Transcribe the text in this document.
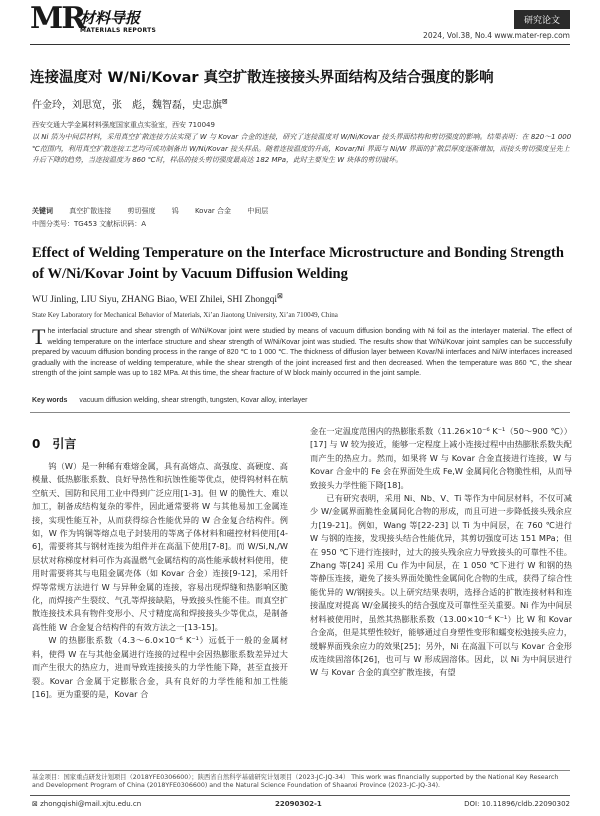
MR
材料导报
MATERIALS REPORTS
研究论文
2024, Vol.38, No.4 www.mater-rep.com
连接温度对 W/Ni/Kovar 真空扩散连接接头界面结构及结合强度的影响
仵金玲，刘思宽，张　彪，魏智磊，史忠旗⊠
西安交通大学金属材料强度国家重点实验室，西安 710049
以 Ni 箔为中间层材料，采用真空扩散连接方法实现了 W 与 Kovar 合金的连接，研究了连接温度对 W/Ni/Kovar 接头界面结构和剪切强度的影响。结果表明：在 820～1 000 ℃范围内，利用真空扩散连接工艺均可成功制备出 W/Ni/Kovar 接头样品。随着连接温度的升高，Kovar/Ni 界面与 Ni/W 界面的扩散层厚度逐渐增加，而接头剪切强度呈先上升后下降的趋势，当连接温度为 860 ℃时，样品的接头剪切强度最高达 182 MPa，此时主要发生 W 块体的剪切破坏。
关键词 真空扩散连接 剪切强度 钨 Kovar 合金 中间层
中图分类号：TG453 文献标识码：A
Effect of Welding Temperature on the Interface Microstructure and Bonding Strength of W/Ni/Kovar Joint by Vacuum Diffusion Welding
WU Jinling, LIU Siyu, ZHANG Biao, WEI Zhilei, SHI Zhongqi⊠
State Key Laboratory for Mechanical Behavior of Materials, Xi’an Jiaotong University, Xi’an 710049, China
The interfacial structure and shear strength of W/Ni/Kovar joint were studied by means of vacuum diffusion bonding with Ni foil as the interlayer material. The effect of welding temperature on the interface structure and shear strength of W/Ni/Kovar joint was studied. The results show that W/Ni/Kovar joint samples can be successfully prepared by vacuum diffusion bonding process in the range of 820 ℃ to 1 000 ℃. The thickness of diffusion layer between Kovar/Ni interfaces and Ni/W interfaces increased gradually with the increase of welding temperature, while the shear strength of the joint increased first and then decreased. When the temperature was 860 ℃, the shear strength of the joint sample was up to 182 MPa. At this time, the shear fracture of W block mainly occurred in the joint sample.
Key words vacuum diffusion welding, shear strength, tungsten, Kovar alloy, interlayer
0　引言

钨（W）是一种稀有难熔金属，具有高熔点、高强度、高硬度、高模量、低热膨胀系数、良好导热性和抗蚀性能等优点，使得钨材料在航空航天、国防和民用工业中得到广泛应用[1-3]。但 W 的脆性大、难以加工，制备成结构复杂的零件，因此通常要将 W 与其他易加工金属连接，实现性能互补，从而获得综合性能优异的 W 合金复合结构件。例如，W 作为钨铜等熔点电子封装用的等离子体材料和磁控材料使用[4-6]，需要将其与钢材连接为组件并在高温下使用[7-8]。而 W/Si,N,/W 层状对称梯度材料可作为高温燃气金属结构的高性能承载材料使用，使用时需要将其与电阻金属壳体（如 Kovar 合金）连接[9-12]，采用钎焊等常规方法进行 W 与异种金属的连接，容易出现焊缝和热影响区脆化，而焊接产生裂纹、气孔等焊接缺陷，导致接头性能不佳。而真空扩散连接技术具有物件变形小、尺寸精度高和焊接接头少等优点，是制备高性能 W 合金复合结构件的有效方法之一[13-15]。

W 的热膨胀系数（4.3～6.0×10⁻⁶ K⁻¹）远低于一般的金属材料，使得 W 在与其他金属进行连接的过程中会因热膨胀系数差异过大而产生很大的热应力，进而导致连接接头的力学性能下降，甚至直接开裂。Kovar 合金属于定膨胀合金，具有良好的力学性能和加工性能[16]。更为重要的是，Kovar 合

金在一定温度范围内的热膨胀系数（11.26×10⁻⁶ K⁻¹（50～900 ℃））[17] 与 W 较为接近，能够一定程度上减小连接过程中由热膨胀系数失配而产生的热应力。然而，如果将 W 与 Kovar 合金直接进行连接，W 与 Kovar 合金中的 Fe 会在界面处生成 Fe,W 金属间化合物脆性相，从而导致接头力学性能下降[18]。

已有研究表明，采用 Ni、Nb、V、Ti 等作为中间层材料，不仅可减少 W/金属界面脆性金属间化合物的形成，而且可进一步降低接头残余应力[19-21]。例如，Wang 等[22-23] 以 Ti 为中间层，在 760 ℃进行 W 与钢的连接，发现接头结合性能优异，其剪切强度可达 151 MPa；但在 950 ℃下进行连接时，过大的接头残余应力导致接头的可靠性不佳。Zhang 等[24] 采用 Cu 作为中间层，在 1 050 ℃下进行 W 和钢的热等静压连接，避免了接头界面处脆性金属间化合物的生成，获得了综合性能优异的 W/钢接头。以上研究结果表明，选择合适的扩散连接材料和连接温度对提高 W/金属接头的结合强度及可靠性至关重要。Ni 作为中间层材料被使用时，虽然其热膨胀系数（13.00×10⁻⁶ K⁻¹）比 W 和 Kovar 合金高，但是其塑性较好，能够通过自身塑性变形和蠕变松弛接头应力，缓解界面残余应力的效果[25]；另外，Ni 在高温下可以与 Kovar 合金形成连续固溶体[26]，也可与 W 形成固溶体。因此，以 Ni 为中间层进行 W 与 Kovar 合金的真空扩散连接，有望

基金项目：国家重点研发计划项目（2018YFE0306600）；陕西省自然科学基础研究计划项目（2023-JC-JQ-34） This work was financially supported by the National Key Research and Development Program of China (2018YFE0306600) and the Natural Science Foundation of Shaanxi Province (2023-JC-JQ-34).
⊠ zhongqishi@mail.xjtu.edu.cn	22090302-1	DOI: 10.11896/cldb.22090302
